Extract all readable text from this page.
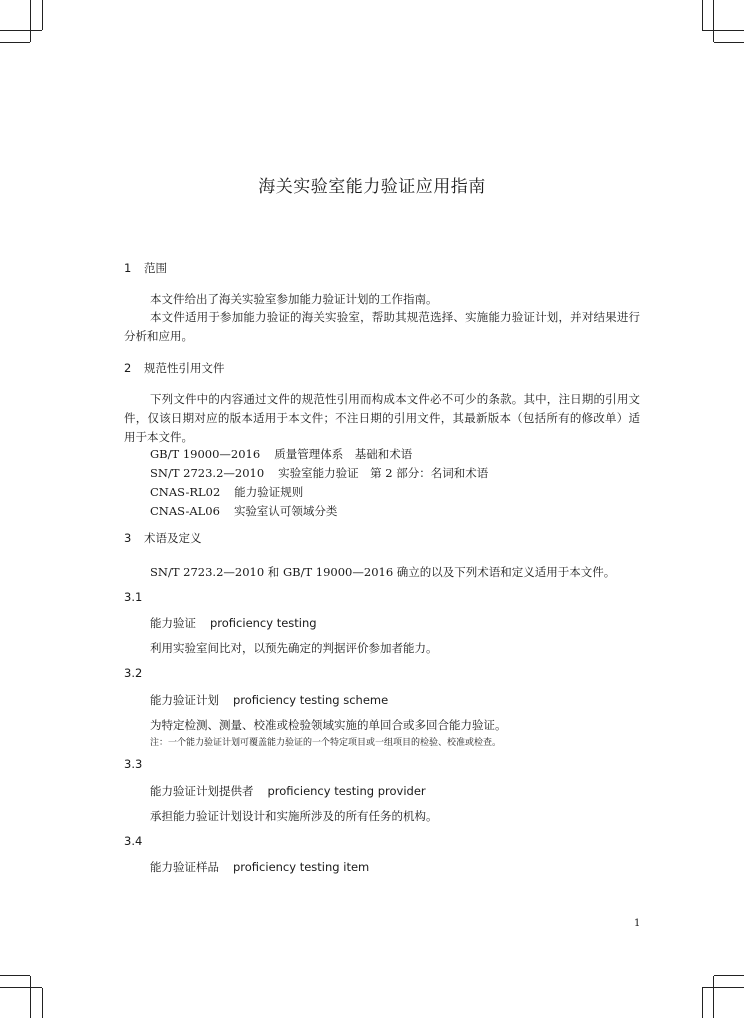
海关实验室能力验证应用指南
1 范围
本文件给出了海关实验室参加能力验证计划的工作指南。
本文件适用于参加能力验证的海关实验室，帮助其规范选择、实施能力验证计划，并对结果进行分析和应用。
2 规范性引用文件
下列文件中的内容通过文件的规范性引用而构成本文件必不可少的条款。其中，注日期的引用文件，仅该日期对应的版本适用于本文件；不注日期的引用文件，其最新版本（包括所有的修改单）适用于本文件。
GB/T 19000—2016 质量管理体系　基础和术语
SN/T 2723.2—2010 实验室能力验证　第 2 部分：名词和术语
CNAS-RL02 能力验证规则
CNAS-AL06 实验室认可领域分类
3 术语及定义
SN/T 2723.2—2010 和 GB/T 19000—2016 确立的以及下列术语和定义适用于本文件。
3.1
能力验证 proficiency testing
利用实验室间比对，以预先确定的判据评价参加者能力。
3.2
能力验证计划 proficiency testing scheme
为特定检测、测量、校准或检验领域实施的单回合或多回合能力验证。
注：一个能力验证计划可覆盖能力验证的一个特定项目或一组项目的检验、校准或检查。
3.3
能力验证计划提供者 proficiency testing provider
承担能力验证计划设计和实施所涉及的所有任务的机构。
3.4
能力验证样品 proficiency testing item
1
